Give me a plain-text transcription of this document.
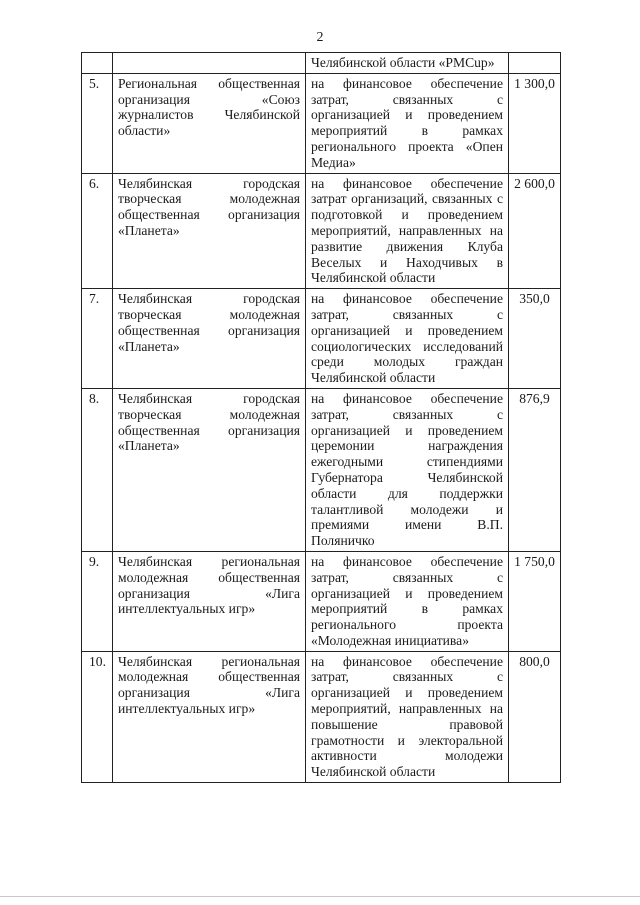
2
		Челябинской области «РМСup»	
5.	Региональная общественная организация «Союз журналистов Челябинской области»	на финансовое обеспечение затрат, связанных с организацией и проведением мероприятий в рамках регионального проекта «Опен Медиа»	1 300,0
6.	Челябинская городская творческая молодежная общественная организация «Планета»	на финансовое обеспечение затрат организаций, связанных с подготовкой и проведением мероприятий, направленных на развитие движения Клуба Веселых и Находчивых в Челябинской области	2 600,0
7.	Челябинская городская творческая молодежная общественная организация «Планета»	на финансовое обеспечение затрат, связанных с организацией и проведением социологических исследований среди молодых граждан Челябинской области	350,0
8.	Челябинская городская творческая молодежная общественная организация «Планета»	на финансовое обеспечение затрат, связанных с организацией и проведением церемонии награждения ежегодными стипендиями Губернатора Челябинской области для поддержки талантливой молодежи и премиями имени В.П. Поляничко	876,9
9.	Челябинская региональная молодежная общественная организация «Лига интеллектуальных игр»	на финансовое обеспечение затрат, связанных с организацией и проведением мероприятий в рамках регионального проекта «Молодежная инициатива»	1 750,0
10.	Челябинская региональная молодежная общественная организация «Лига интеллектуальных игр»	на финансовое обеспечение затрат, связанных с организацией и проведением мероприятий, направленных на повышение правовой грамотности и электоральной активности молодежи Челябинской области	800,0
